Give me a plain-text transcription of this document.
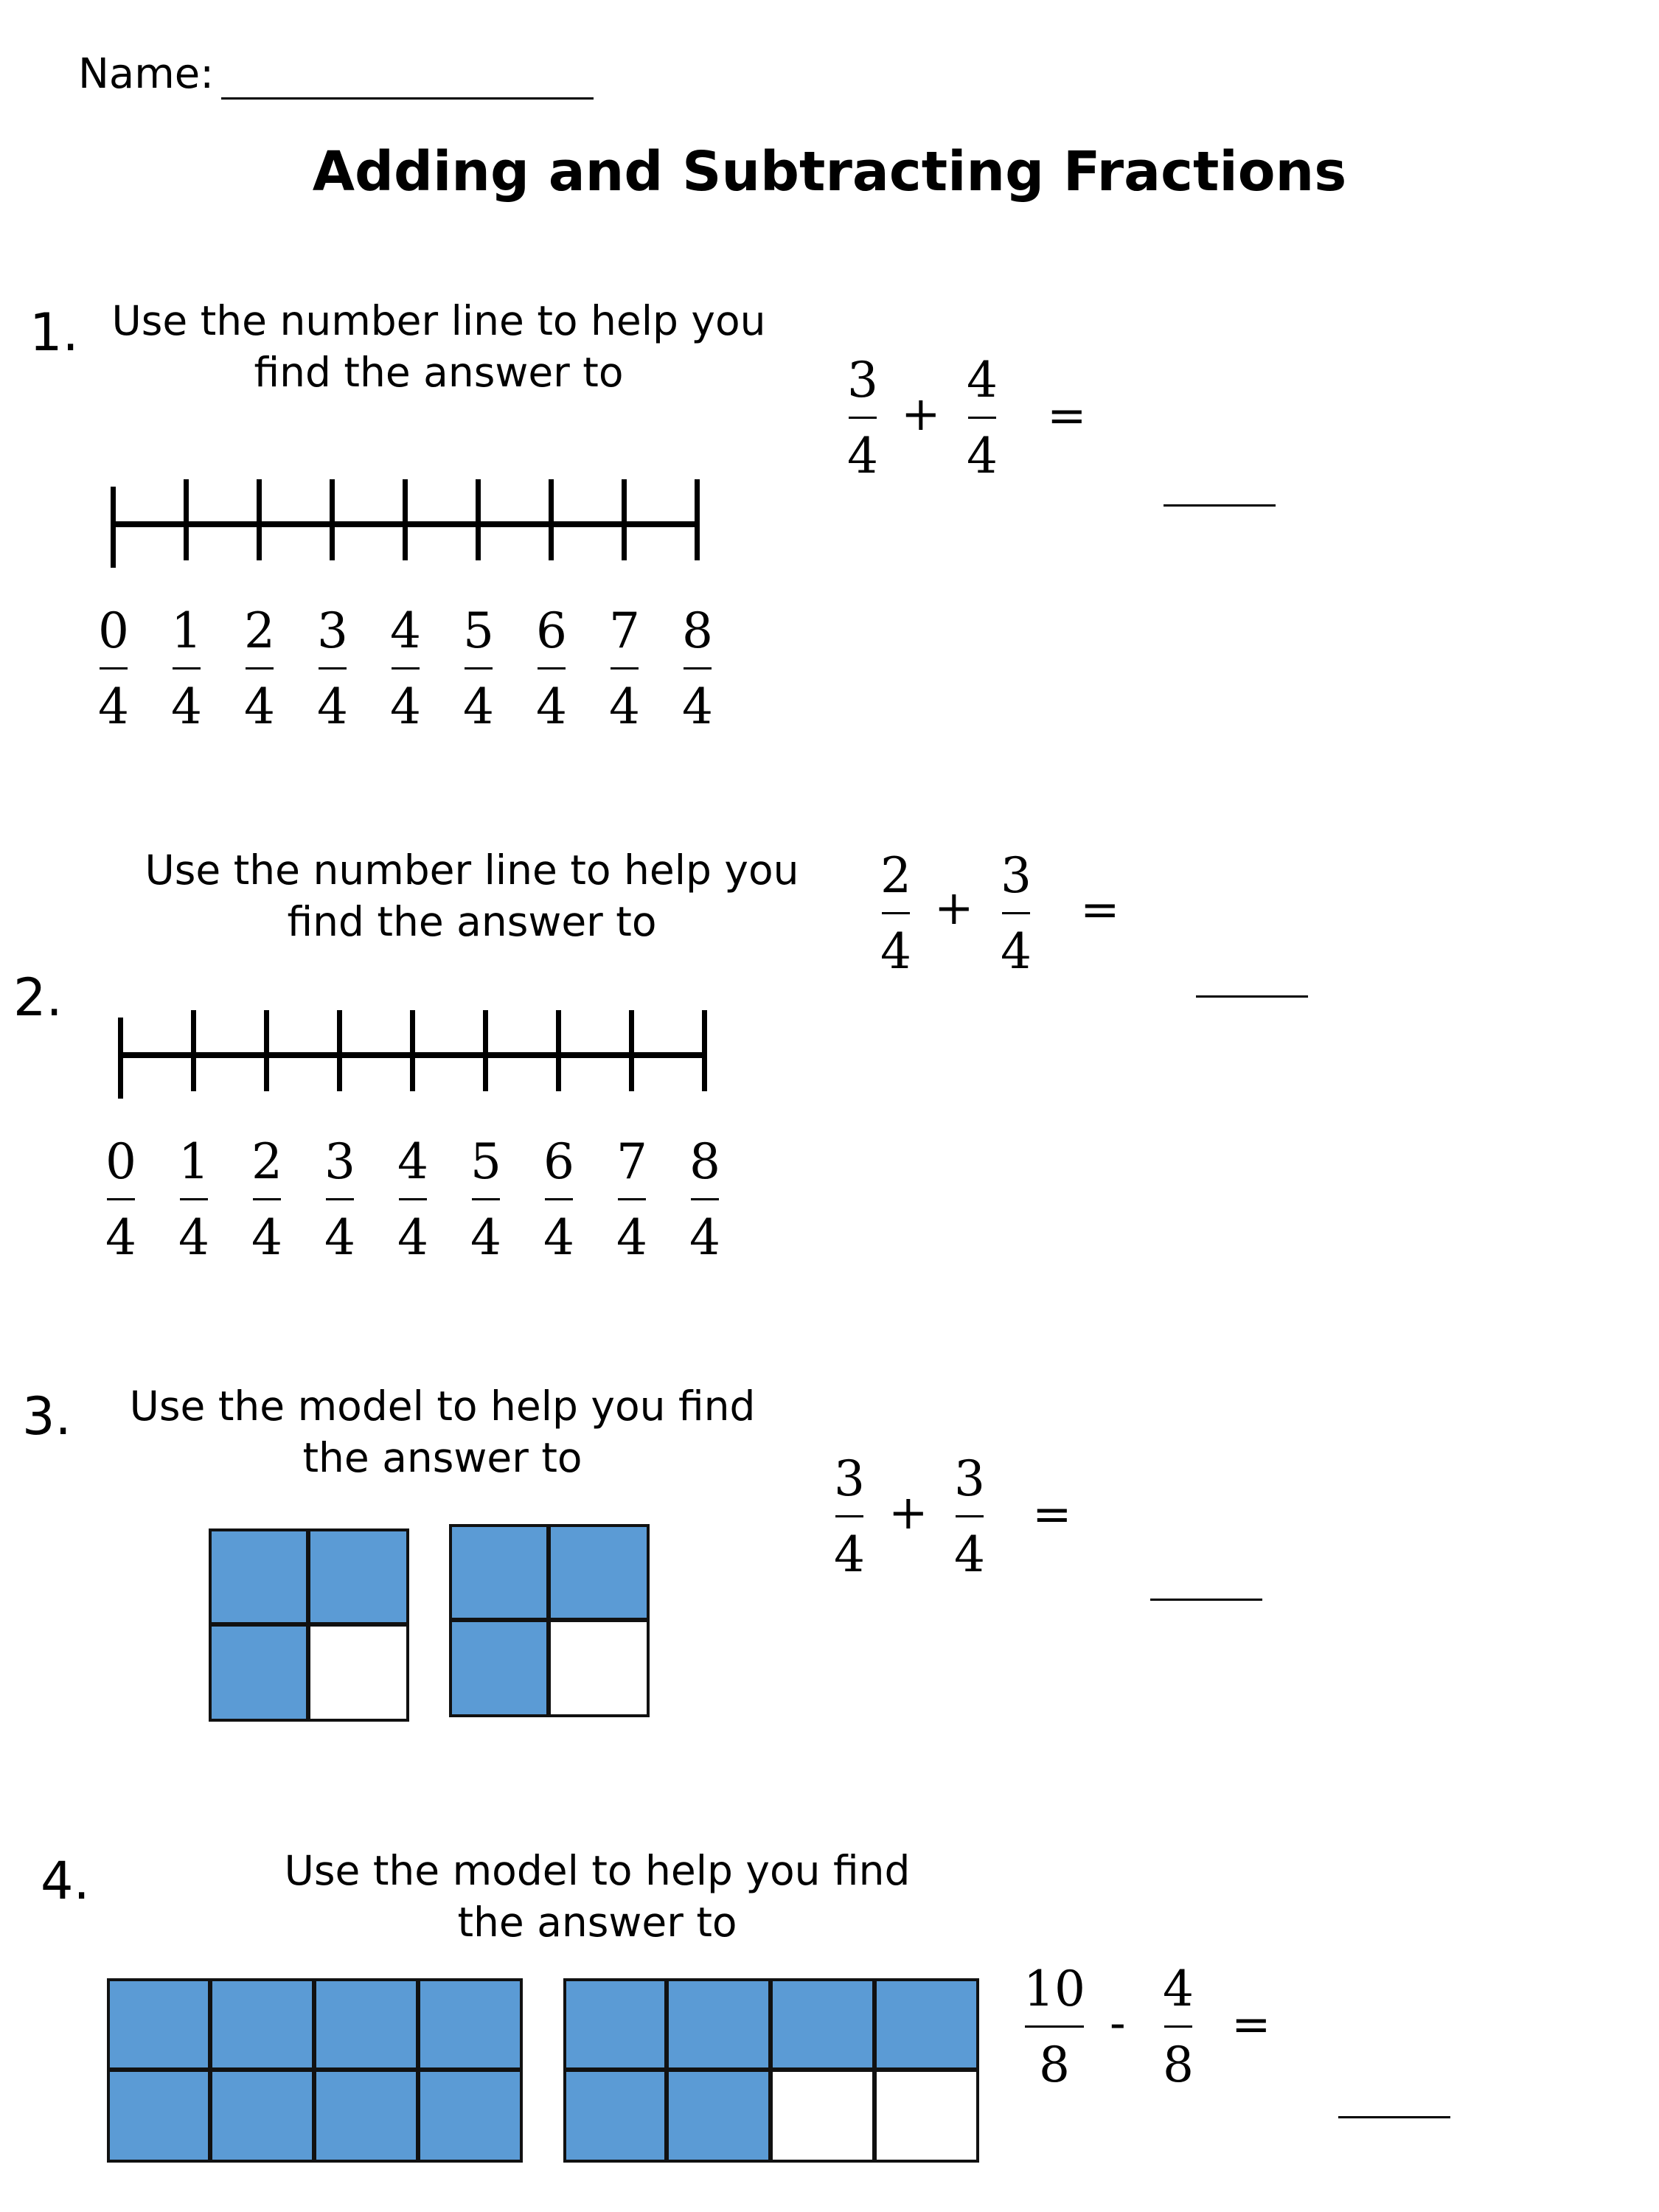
Name:
Adding and Subtracting Fractions
1. Use the number line to help you
find the answer to	3
4
+
4
4
=
0
4
1
4
2
4
3
4
4
4
5
4
6
4
7
4
8
4
2.
Use the number line to help you
find the answer to
2
4
+
3
4
=
0
4
1
4
2
4
3
4
4
4
5
4
6
4
7
4
8
4
3.	Use the model to help you find
the answer to	3
4
+
3
4
=
4.	Use the model to help you find
the answer to
10
8
-
4
8
=
